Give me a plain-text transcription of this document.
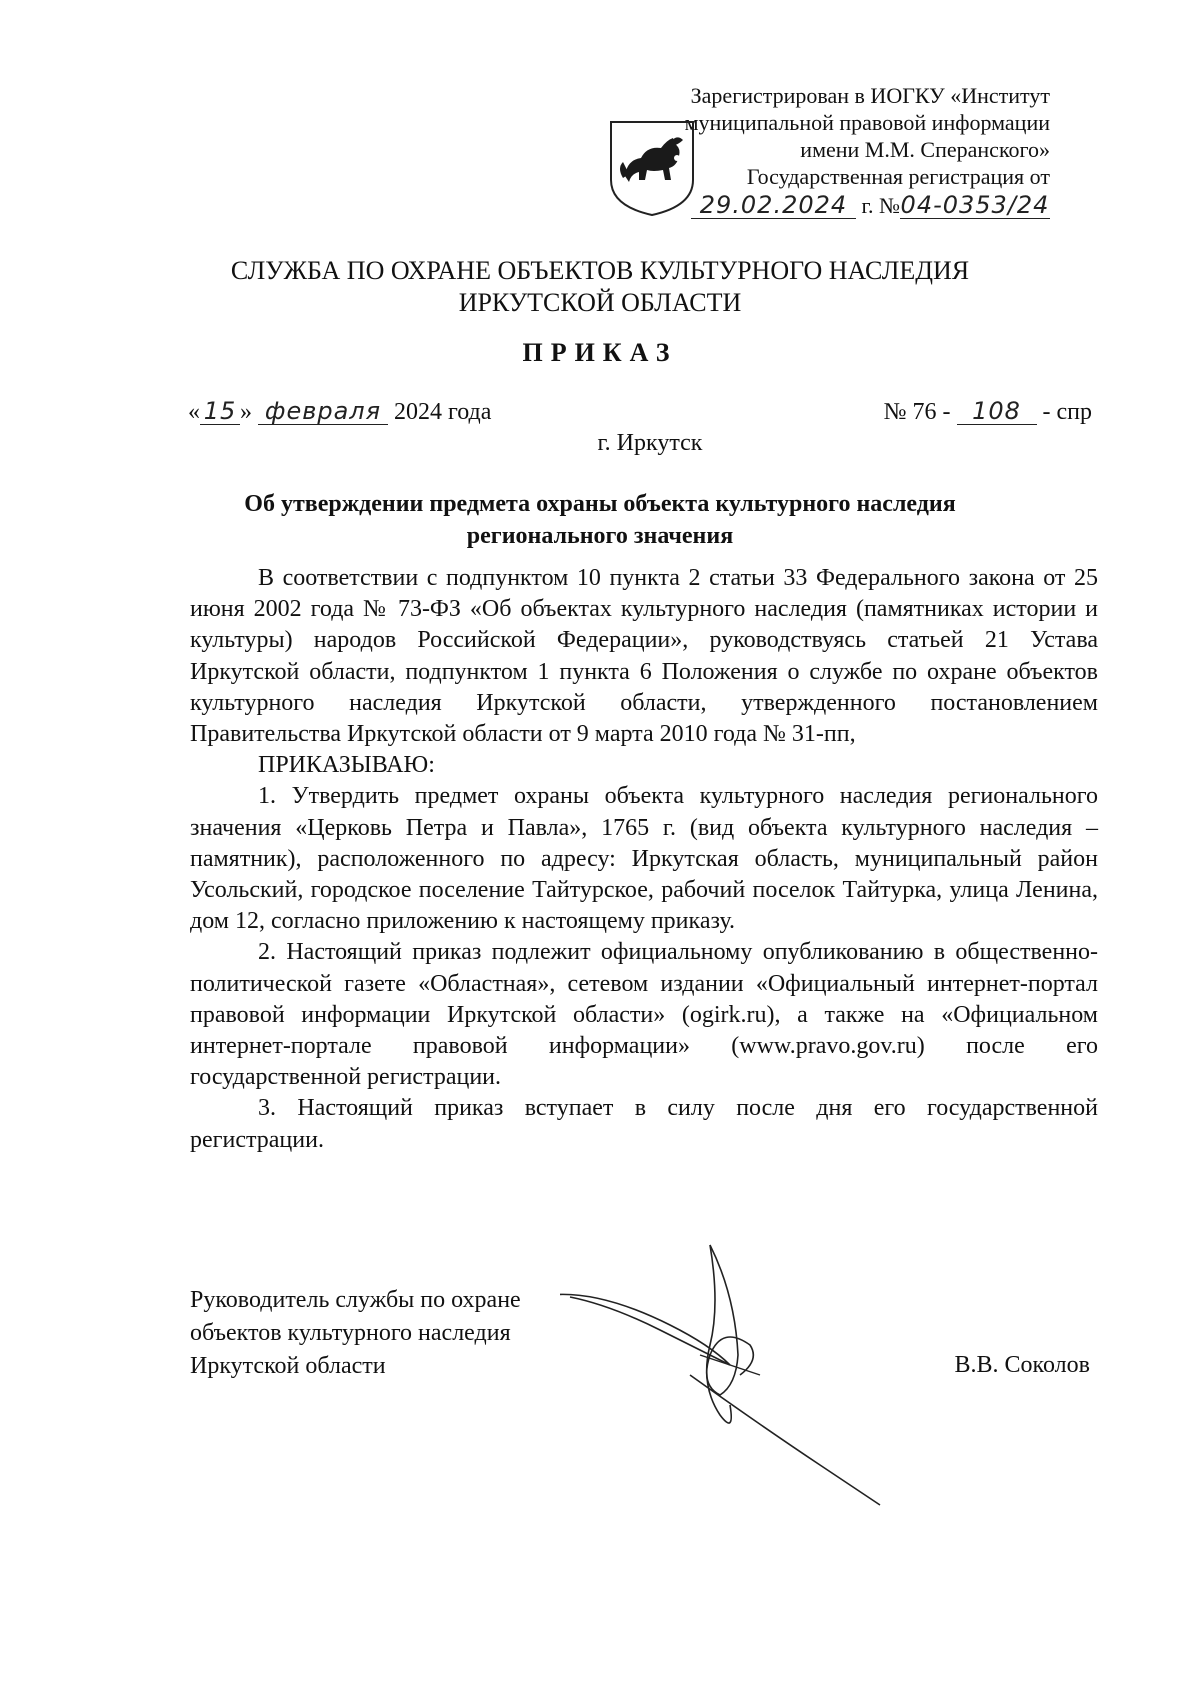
Зарегистрирован в ИОГКУ «Институт
муниципальной правовой информации
имени М.М. Сперанского»
Государственная регистрация от
29.02.2024 г. №04-0353/24
СЛУЖБА ПО ОХРАНЕ ОБЪЕКТОВ КУЛЬТУРНОГО НАСЛЕДИЯ
ИРКУТСКОЙ ОБЛАСТИ
ПРИКАЗ
« 15 » февраля 2024 года	№ 76 - 108 - спр
г. Иркутск
Об утверждении предмета охраны объекта культурного наследия
регионального значения

В соответствии с подпунктом 10 пункта 2 статьи 33 Федерального закона от 25 июня 2002 года № 73-ФЗ «Об объектах культурного наследия (памятниках истории и культуры) народов Российской Федерации», руководствуясь статьей 21 Устава Иркутской области, подпунктом 1 пункта 6 Положения о службе по охране объектов культурного наследия Иркутской области, утвержденного постановлением Правительства Иркутской области от 9 марта 2010 года № 31-пп,

ПРИКАЗЫВАЮ:

1. Утвердить предмет охраны объекта культурного наследия регионального значения «Церковь Петра и Павла», 1765 г. (вид объекта культурного наследия – памятник), расположенного по адресу: Иркутская область, муниципальный район Усольский, городское поселение Тайтурское, рабочий поселок Тайтурка, улица Ленина, дом 12, согласно приложению к настоящему приказу.

2. Настоящий приказ подлежит официальному опубликованию в общественно-политической газете «Областная», сетевом издании «Официальный интернет-портал правовой информации Иркутской области» (ogirk.ru), а также на «Официальном интернет-портале правовой информации» (www.pravo.gov.ru) после его государственной регистрации.

3. Настоящий приказ вступает в силу после дня его государственной регистрации.

Руководитель службы по охране
объектов культурного наследия
Иркутской области	В.В. Соколов
